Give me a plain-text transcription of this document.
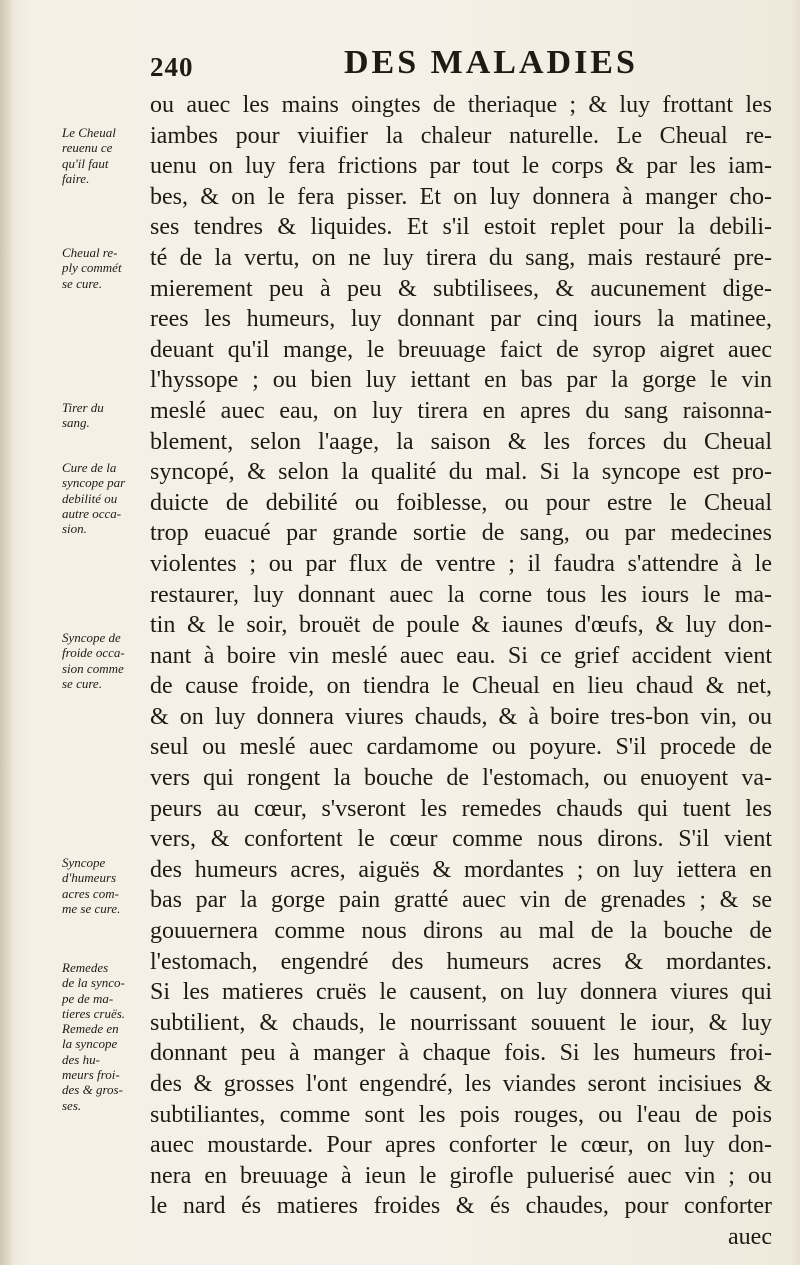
240	DES MALADIES
ou auec les mains oingtes de theriaque ; & luy frottant les
iambes pour viuifier la chaleur naturelle. Le Cheual re-
uenu on luy fera frictions par tout le corps & par les iam-
bes, & on le fera pisser. Et on luy donnera à manger cho-
ses tendres & liquides. Et s'il estoit replet pour la debili-
té de la vertu, on ne luy tirera du sang, mais restauré pre-
mierement peu à peu & subtilisees, & aucunement dige-
rees les humeurs, luy donnant par cinq iours la matinee,
deuant qu'il mange, le breuuage faict de syrop aigret auec
l'hyssope ; ou bien luy iettant en bas par la gorge le vin
meslé auec eau, on luy tirera en apres du sang raisonna-
blement, selon l'aage, la saison & les forces du Cheual
syncopé, & selon la qualité du mal. Si la syncope est pro-
duicte de debilité ou foiblesse, ou pour estre le Cheual
trop euacué par grande sortie de sang, ou par medecines
violentes ; ou par flux de ventre ; il faudra s'attendre à le
restaurer, luy donnant auec la corne tous les iours le ma-
tin & le soir, brouët de poule & iaunes d'œufs, & luy don-
nant à boire vin meslé auec eau. Si ce grief accident vient
de cause froide, on tiendra le Cheual en lieu chaud & net,
& on luy donnera viures chauds, & à boire tres-bon vin, ou
seul ou meslé auec cardamome ou poyure. S'il procede de
vers qui rongent la bouche de l'estomach, ou enuoyent va-
peurs au cœur, s'vseront les remedes chauds qui tuent les
vers, & confortent le cœur comme nous dirons. S'il vient
des humeurs acres, aiguës & mordantes ; on luy iettera en
bas par la gorge pain gratté auec vin de grenades ; & se
gouuernera comme nous dirons au mal de la bouche de
l'estomach, engendré des humeurs acres & mordantes.
Si les matieres cruës le causent, on luy donnera viures qui
subtilient, & chauds, le nourrissant souuent le iour, & luy
donnant peu à manger à chaque fois. Si les humeurs froi-
des & grosses l'ont engendré, les viandes seront incisiues &
subtiliantes, comme sont les pois rouges, ou l'eau de pois
auec moustarde. Pour apres conforter le cœur, on luy don-
nera en breuuage à ieun le girofle puluerisé auec vin ; ou
le nard és matieres froides & és chaudes, pour conforter
auec
Le Cheual
reuenu ce
qu'il faut
faire.
Cheual re-
ply commét
se cure.
Tirer du
sang.
Cure de la
syncope par
debilité ou
autre occa-
sion.
Syncope de
froide occa-
sion comme
se cure.
Syncope
d'humeurs
acres com-
me se cure.
Remedes
de la synco-
pe de ma-
tieres cruës.
Remede en
la syncope
des hu-
meurs froi-
des & gros-
ses.
